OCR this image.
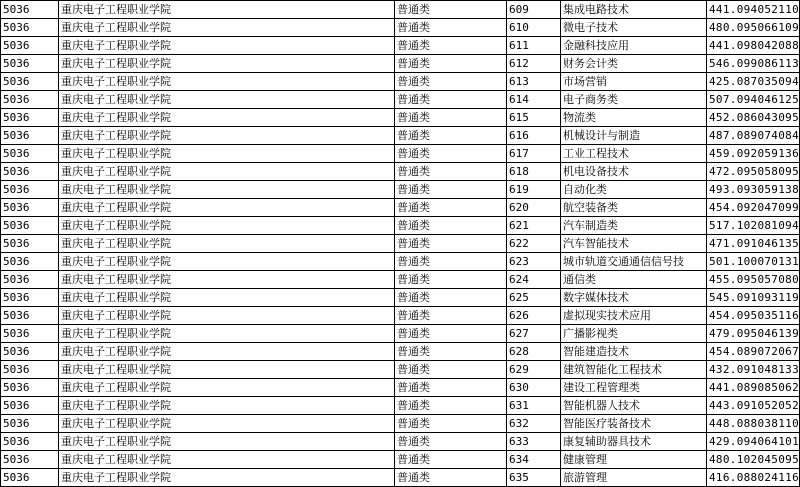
5036	重庆电子工程职业学院	普通类	609	集成电路技术	441.094052110
5036	重庆电子工程职业学院	普通类	610	微电子技术	480.095066109
5036	重庆电子工程职业学院	普通类	611	金融科技应用	441.098042088
5036	重庆电子工程职业学院	普通类	612	财务会计类	546.099086113
5036	重庆电子工程职业学院	普通类	613	市场营销	425.087035094
5036	重庆电子工程职业学院	普通类	614	电子商务类	507.094046125
5036	重庆电子工程职业学院	普通类	615	物流类	452.086043095
5036	重庆电子工程职业学院	普通类	616	机械设计与制造	487.089074084
5036	重庆电子工程职业学院	普通类	617	工业工程技术	459.092059136
5036	重庆电子工程职业学院	普通类	618	机电设备技术	472.095058095
5036	重庆电子工程职业学院	普通类	619	自动化类	493.093059138
5036	重庆电子工程职业学院	普通类	620	航空装备类	454.092047099
5036	重庆电子工程职业学院	普通类	621	汽车制造类	517.102081094
5036	重庆电子工程职业学院	普通类	622	汽车智能技术	471.091046135
5036	重庆电子工程职业学院	普通类	623	城市轨道交通通信信号技	501.100070131
5036	重庆电子工程职业学院	普通类	624	通信类	455.095057080
5036	重庆电子工程职业学院	普通类	625	数字媒体技术	545.091093119
5036	重庆电子工程职业学院	普通类	626	虚拟现实技术应用	454.095035116
5036	重庆电子工程职业学院	普通类	627	广播影视类	479.095046139
5036	重庆电子工程职业学院	普通类	628	智能建造技术	454.089072067
5036	重庆电子工程职业学院	普通类	629	建筑智能化工程技术	432.091048133
5036	重庆电子工程职业学院	普通类	630	建设工程管理类	441.089085062
5036	重庆电子工程职业学院	普通类	631	智能机器人技术	443.091052052
5036	重庆电子工程职业学院	普通类	632	智能医疗装备技术	448.088038110
5036	重庆电子工程职业学院	普通类	633	康复辅助器具技术	429.094064101
5036	重庆电子工程职业学院	普通类	634	健康管理	480.102045095
5036	重庆电子工程职业学院	普通类	635	旅游管理	416.088024116
